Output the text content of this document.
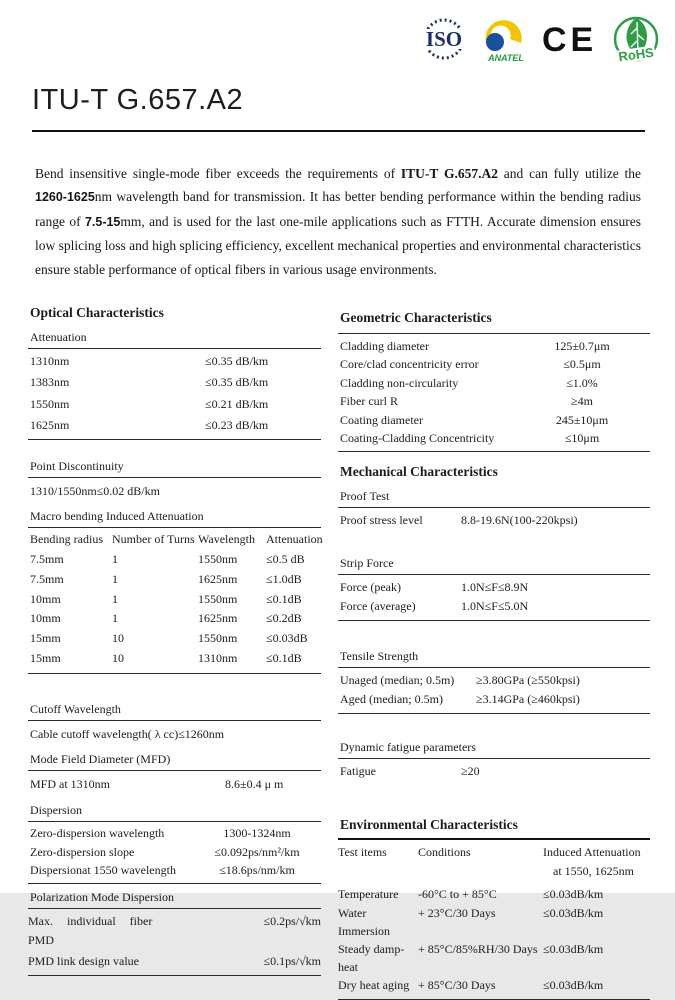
ISO
ANATEL CE RoHS
ITU-T G.657.A2

Bend insensitive single-mode fiber exceeds the requirements of ITU-T G.657.A2 and can fully utilize the 1260-1625nm wavelength band for transmission. It has better bending performance within the bending radius range of 7.5-15mm, and is used for the last one-mile applications such as FTTH. Accurate dimension ensures low splicing loss and high splicing efficiency, excellent mechanical properties and environmental characteristics ensure stable performance of optical fibers in various usage environments.

Optical Characteristics
Attenuation
1310nm	≤0.35 dB/km
1383nm	≤0.35 dB/km
1550nm	≤0.21 dB/km
1625nm	≤0.23 dB/km
Point Discontinuity
1310/1550nm≤0.02 dB/km
Macro bending Induced Attenuation
Bending radius Number of Turns Wavelength Attenuation
7.5mm	1	1550nm	≤0.5 dB
7.5mm	1	1625nm	≤1.0dB
10mm	1	1550nm	≤0.1dB
10mm	1	1625nm	≤0.2dB
15mm	10	1550nm	≤0.03dB
15mm	10	1310nm	≤0.1dB
Cutoff Wavelength
Cable cutoff wavelength( λ cc)≤1260nm
Mode Field Diameter (MFD)
MFD at 1310nm	8.6±0.4 μ m
Dispersion
Zero-dispersion wavelength	1300-1324nm
Zero-dispersion slope	≤0.092ps/nm²/km
Dispersionat 1550 wavelength	≤18.6ps/nm/km
Polarization Mode Dispersion
Max. individual fiber
PMD
≤0.2ps/√km
PMD link design value	≤0.1ps/√km
Geometric Characteristics
Cladding diameter	125±0.7μm
Core/clad concentricity error	≤0.5μm
Cladding non-circularity	≤1.0%
Fiber curl R	≥4m
Coating diameter	245±10μm
Coating-Cladding Concentricity	≤10μm
Mechanical Characteristics
Proof Test
Proof stress level	8.8-19.6N(100-220kpsi)
Strip Force
Force (peak)	1.0N≤F≤8.9N
Force (average)	1.0N≤F≤5.0N
Tensile Strength
Unaged (median; 0.5m)	≥3.80GPa (≥550kpsi)
Aged (median; 0.5m)	≥3.14GPa (≥460kpsi)
Dynamic fatigue parameters
Fatigue	≥20
Environmental Characteristics
Test items	Conditions	Induced Attenuation
at 1550, 1625nm
Temperature	-60°C to + 85°C	≤0.03dB/km
Water Immersion
+ 23°C/30 Days	≤0.03dB/km
Steady damp-heat
+ 85°C/85%RH/30 Days ≤0.03dB/km
Dry heat aging + 85°C/30 Days	≤0.03dB/km
